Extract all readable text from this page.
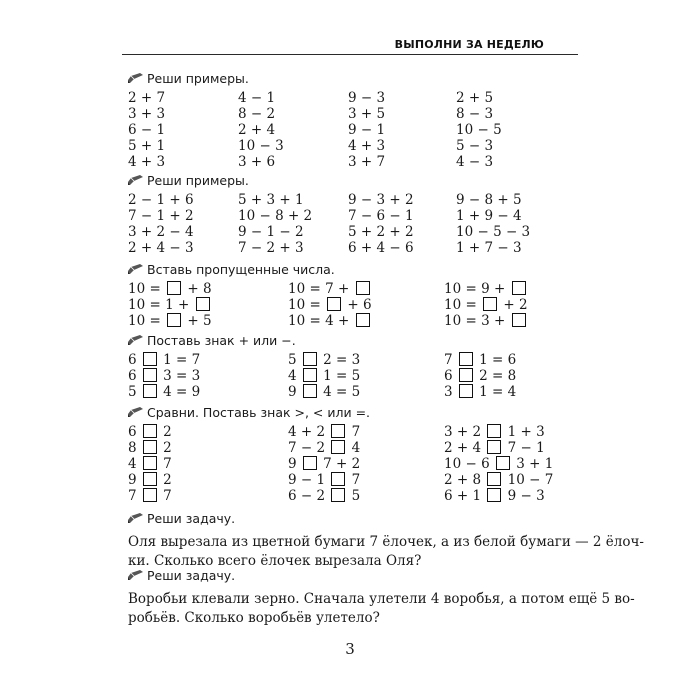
ВЫПОЛНИ ЗА НЕДЕЛЮ
Реши примеры.
2 + 7	4 − 1	9 − 3	2 + 5
3 + 3	8 − 2	3 + 5	8 − 3
6 − 1	2 + 4	9 − 1	10 − 5
5 + 1	10 − 3	4 + 3	5 − 3
4 + 3	3 + 6	3 + 7	4 − 3
Реши примеры.
2 − 1 + 6	5 + 3 + 1	9 − 3 + 2	9 − 8 + 5
7 − 1 + 2	10 − 8 + 2	7 − 6 − 1	1 + 9 − 4
3 + 2 − 4	9 − 1 − 2	5 + 2 + 2	10 − 5 − 3
2 + 4 − 3	7 − 2 + 3	6 + 4 − 6	1 + 7 − 3
Вставь пропущенные числа.
10 =  + 8	10 = 7 +	10 = 9 +
10 = 1 +	10 =  + 6	10 =  + 2
10 =  + 5	10 = 4 +	10 = 3 +
Поставь знак + или −.
6  1 = 7	5  2 = 3	7  1 = 6
6  3 = 3	4  1 = 5	6  2 = 8
5  4 = 9	9  4 = 5	3  1 = 4
Сравни. Поставь знак >, < или =.
6  2	4 + 2  7	3 + 2  1 + 3
8  2	7 − 2  4	2 + 4  7 − 1
4  7	9  7 + 2	10 − 6  3 + 1
9  2	9 − 1  7	2 + 8  10 − 7
7  7	6 − 2  5	6 + 1  9 − 3
Реши задачу.
Оля вырезала из цветной бумаги 7 ёлочек, а из белой бумаги — 2 ёлоч-
ки. Сколько всего ёлочек вырезала Оля?
Реши задачу.
Воробьи клевали зерно. Сначала улетели 4 воробья, а потом ещё 5 во-
робьёв. Сколько воробьёв улетело?
3
